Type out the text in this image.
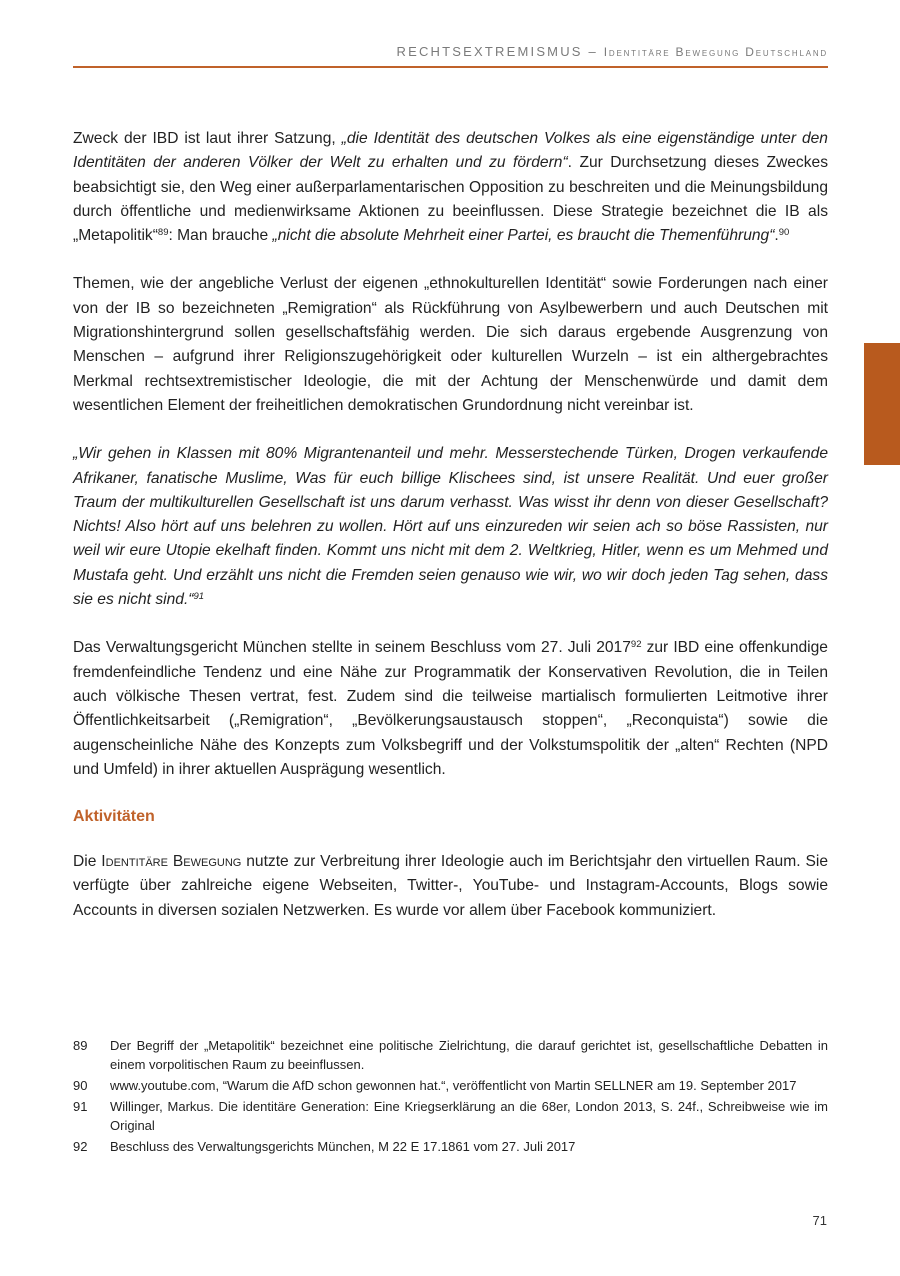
RECHTSEXTREMISMUS – Identitäre Bewegung Deutschland

Zweck der IBD ist laut ihrer Satzung, „die Identität des deutschen Volkes als eine eigenständige unter den Identitäten der anderen Völker der Welt zu erhalten und zu fördern“. Zur Durchsetzung dieses Zweckes beabsichtigt sie, den Weg einer außerparlamentarischen Opposition zu beschreiten und die Meinungsbildung durch öffentliche und medienwirksame Aktionen zu beeinflussen. Diese Strategie bezeichnet die IB als „Metapolitik“$^{89}$: Man brauche „nicht die absolute Mehrheit einer Partei, es braucht die Themenführung“.$^{90}$

Themen, wie der angebliche Verlust der eigenen „ethnokulturellen Identität“ sowie Forderungen nach einer von der IB so bezeichneten „Remigration“ als Rückführung von Asylbewerbern und auch Deutschen mit Migrationshintergrund sollen gesellschaftsfähig werden. Die sich daraus ergebende Ausgrenzung von Menschen – aufgrund ihrer Religionszugehörigkeit oder kulturellen Wurzeln – ist ein althergebrachtes Merkmal rechtsextremistischer Ideologie, die mit der Achtung der Menschenwürde und damit dem wesentlichen Element der freiheitlichen demokratischen Grundordnung nicht vereinbar ist.

„Wir gehen in Klassen mit 80% Migrantenanteil und mehr. Messerstechende Türken, Drogen verkaufende Afrikaner, fanatische Muslime, Was für euch billige Klischees sind, ist unsere Realität. Und euer großer Traum der multikulturellen Gesellschaft ist uns darum verhasst. Was wisst ihr denn von dieser Gesellschaft? Nichts! Also hört auf uns belehren zu wollen. Hört auf uns einzureden wir seien ach so böse Rassisten, nur weil wir eure Utopie ekelhaft finden. Kommt uns nicht mit dem 2. Weltkrieg, Hitler, wenn es um Mehmed und Mustafa geht. Und erzählt uns nicht die Fremden seien genauso wie wir, wo wir doch jeden Tag sehen, dass sie es nicht sind.“$^{91}$

Das Verwaltungsgericht München stellte in seinem Beschluss vom 27. Juli 2017$^{92}$ zur IBD eine offenkundige fremdenfeindliche Tendenz und eine Nähe zur Programmatik der Konservativen Revolution, die in Teilen auch völkische Thesen vertrat, fest. Zudem sind die teilweise martialisch formulierten Leitmotive ihrer Öffentlichkeitsarbeit („Remigration“, „Bevölkerungsaustausch stoppen“, „Reconquista“) sowie die augenscheinliche Nähe des Konzepts zum Volksbegriff und der Volkstumspolitik der „alten“ Rechten (NPD und Umfeld) in ihrer aktuellen Ausprägung wesentlich.

Aktivitäten

Die Identitäre Bewegung nutzte zur Verbreitung ihrer Ideologie auch im Berichtsjahr den virtuellen Raum. Sie verfügte über zahlreiche eigene Webseiten, Twitter-, YouTube- und Instagram-Accounts, Blogs sowie Accounts in diversen sozialen Netzwerken. Es wurde vor allem über Facebook kommuniziert.

89	Der Begriff der „Metapolitik“ bezeichnet eine politische Zielrichtung, die darauf gerichtet ist, gesellschaftliche Debatten in einem vorpolitischen Raum zu beeinflussen.
90	www.youtube.com, “Warum die AfD schon gewonnen hat.“, veröffentlicht von Martin SELLNER am 19. September 2017
91	Willinger, Markus. Die identitäre Generation: Eine Kriegserklärung an die 68er, London 2013, S. 24f., Schreibweise wie im Original
92	Beschluss des Verwaltungsgerichts München, M 22 E 17.1861 vom 27. Juli 2017
71
